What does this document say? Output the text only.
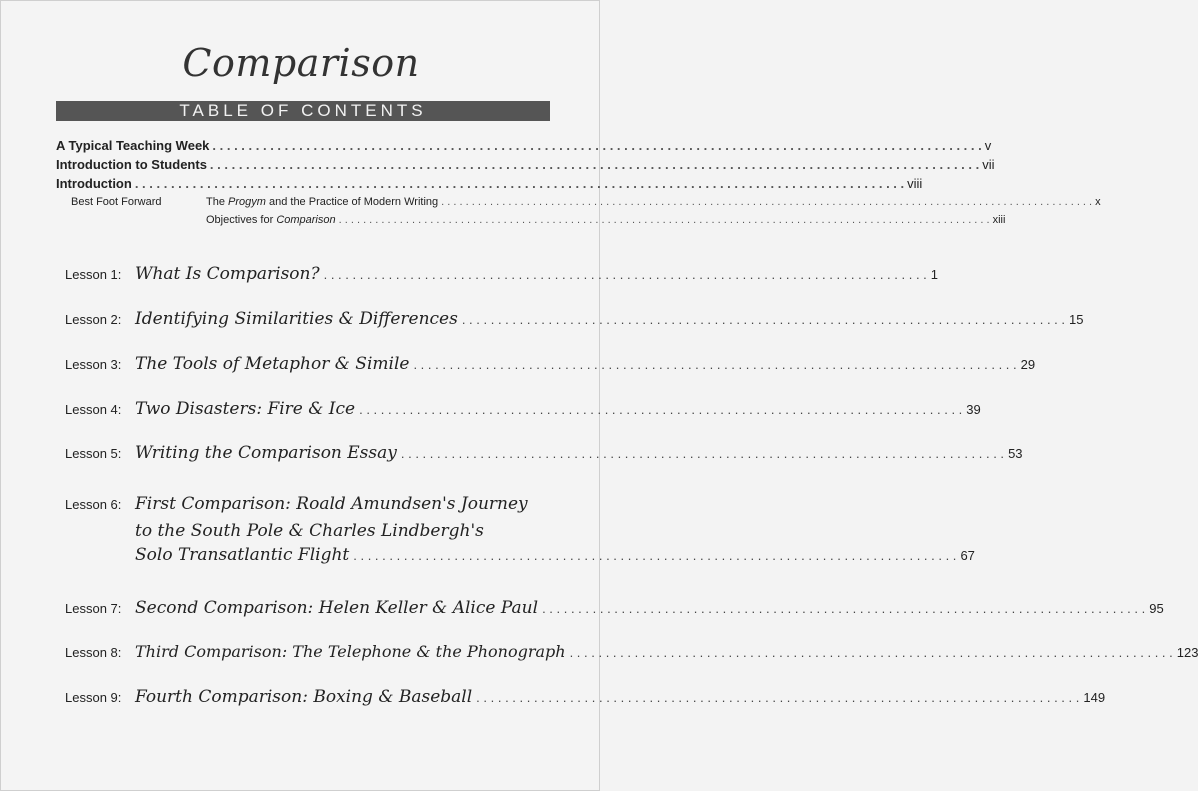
Comparison
TABLE OF CONTENTS
A Typical Teaching Week . . .	v
Introduction to Students . . .	vii
Introduction . . .	viii
Best Foot Forward	The Progym and the Practice of Modern Writing . . .	x
Objectives for Comparison . . .	xiii
Lesson 1: What Is Comparison? . . .	1
Lesson 2: Identifying Similarities & Differences . . .	15
Lesson 3: The Tools of Metaphor & Simile . . .	29
Lesson 4: Two Disasters: Fire & Ice . . .	39
Lesson 5: Writing the Comparison Essay . . .	53
Lesson 6: First Comparison: Roald Amundsen's Journey
to the South Pole & Charles Lindbergh's
Solo Transatlantic Flight . . .	67
Lesson 7: Second Comparison: Helen Keller & Alice Paul . . .	95
Lesson 8: Third Comparison: The Telephone & the Phonograph . . .	123
Lesson 9: Fourth Comparison: Boxing & Baseball . . .	149
